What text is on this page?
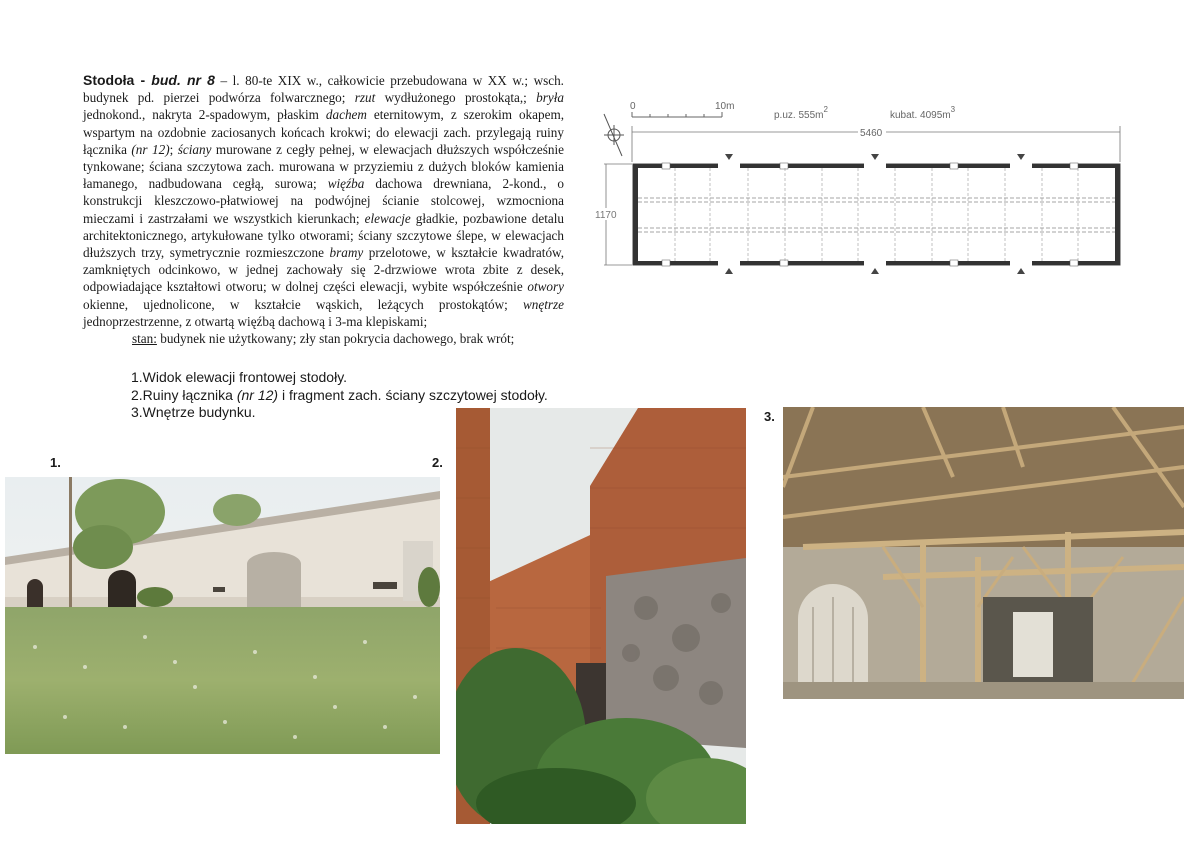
Stodoła - bud. nr 8 – l. 80-te XIX w., całkowicie przebudowana w XX w.; wsch. budynek pd. pierzei podwórza folwarcznego; rzut wydłużonego prostokąta,; bryła jednokond., nakryta 2-spadowym, płaskim dachem eternitowym, z szerokim okapem, wspartym na ozdobnie zaciosanych końcach krokwi; do elewacji zach. przylegają ruiny łącznika (nr 12); ściany murowane z cegły pełnej, w elewacjach dłuższych współcześnie tynkowane; ściana szczytowa zach. murowana w przyziemiu z dużych bloków kamienia łamanego, nadbudowana cegłą, surowa; więźba dachowa drewniana, 2-kond., o konstrukcji kleszczowo-płatwiowej na podwójnej ścianie stolcowej, wzmocniona mieczami i zastrzałami we wszystkich kierunkach; elewacje gładkie, pozbawione detalu architektonicznego, artykułowane tylko otworami; ściany szczytowe ślepe, w elewacjach dłuższych trzy, symetrycznie rozmieszczone bramy przelotowe, w kształcie kwadratów, zamkniętych odcinkowo, w jednej zachowały się 2-drzwiowe wrota zbite z desek, odpowiadające kształtowi otworu; w dolnej części elewacji, wybite współcześnie otwory okienne, ujednolicone, w kształcie wąskich, leżących prostokątów; wnętrze jednoprzestrzenne, z otwartą więźbą dachową i 3-ma klepiskami;
stan: budynek nie użytkowany; zły stan pokrycia dachowego, brak wrót;
1.Widok elewacji frontowej stodoły.
2.Ruiny łącznika (nr 12) i fragment zach. ściany szczytowej stodoły.
3.Wnętrze budynku.
1.	2.
3.
0	10m
p.uz. $555m^2$
kubat. $4095m^3$
5460
1170
